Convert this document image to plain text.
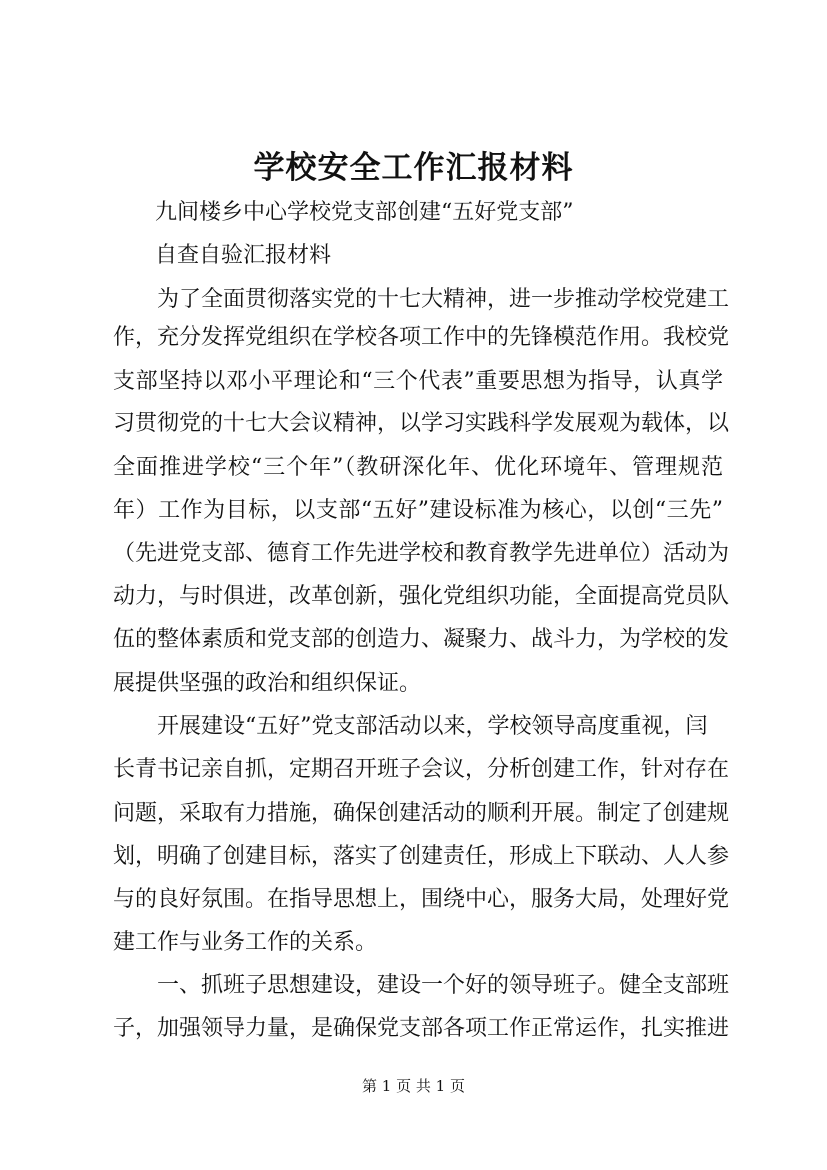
学校安全工作汇报材料
九间楼乡中心学校党支部创建“五好党支部”
自查自验汇报材料
为了全面贯彻落实党的十七大精神，进一步推动学校党建工
作，充分发挥党组织在学校各项工作中的先锋模范作用。我校党
支部坚持以邓小平理论和“三个代表”重要思想为指导，认真学
习贯彻党的十七大会议精神，以学习实践科学发展观为载体，以
全面推进学校“三个年”（教研深化年、优化环境年、管理规范
年）工作为目标，以支部“五好”建设标准为核心，以创“三先”
（先进党支部、德育工作先进学校和教育教学先进单位）活动为
动力，与时俱进，改革创新，强化党组织功能，全面提高党员队
伍的整体素质和党支部的创造力、凝聚力、战斗力，为学校的发
展提供坚强的政治和组织保证。
开展建设“五好”党支部活动以来，学校领导高度重视，闫
长青书记亲自抓，定期召开班子会议，分析创建工作，针对存在
问题，采取有力措施，确保创建活动的顺利开展。制定了创建规
划，明确了创建目标，落实了创建责任，形成上下联动、人人参
与的良好氛围。在指导思想上，围绕中心，服务大局，处理好党
建工作与业务工作的关系。
一、抓班子思想建设，建设一个好的领导班子。健全支部班
子，加强领导力量，是确保党支部各项工作正常运作，扎实推进
第 1 页 共 1 页
